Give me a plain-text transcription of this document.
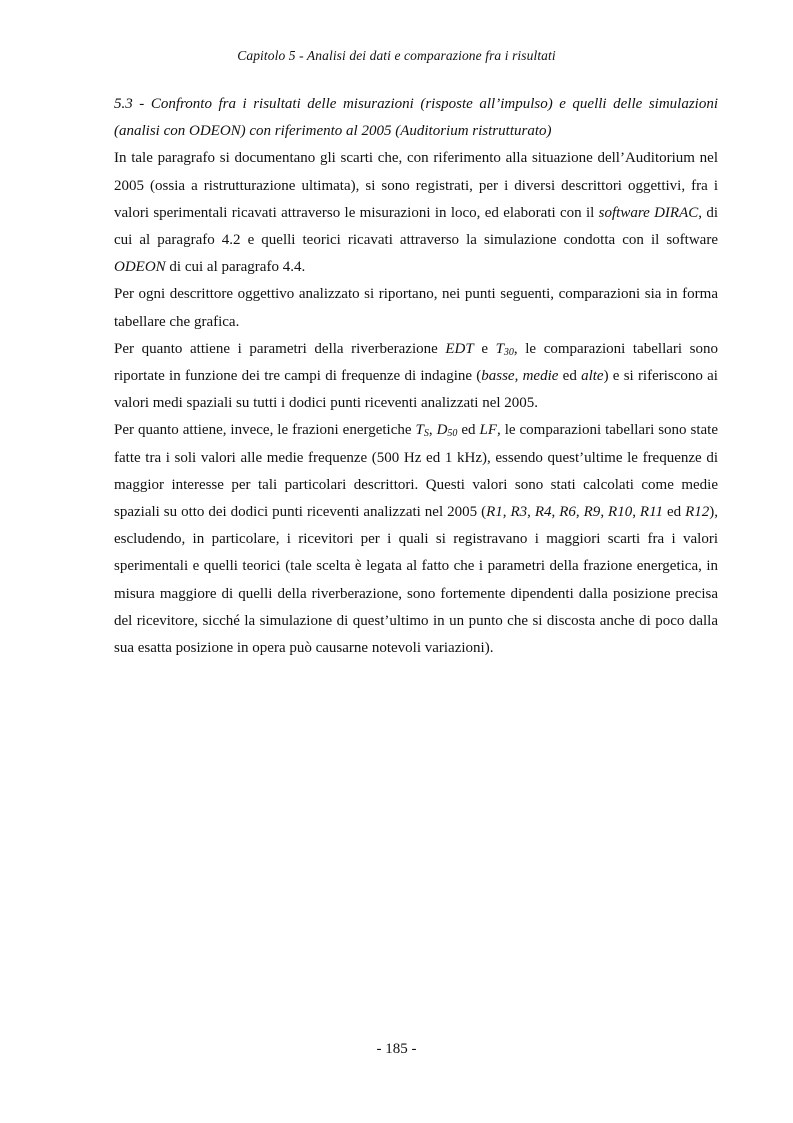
Capitolo 5 - Analisi dei dati e comparazione fra i risultati

5.3 - Confronto fra i risultati delle misurazioni (risposte all’impulso) e quelli delle simulazioni (analisi con ODEON) con riferimento al 2005 (Auditorium ristrutturato)

In tale paragrafo si documentano gli scarti che, con riferimento alla situazione dell’Auditorium nel 2005 (ossia a ristrutturazione ultimata), si sono registrati, per i diversi descrittori oggettivi, fra i valori sperimentali ricavati attraverso le misurazioni in loco, ed elaborati con il software DIRAC, di cui al paragrafo 4.2 e quelli teorici ricavati attraverso la simulazione condotta con il software ODEON di cui al paragrafo 4.4.

Per ogni descrittore oggettivo analizzato si riportano, nei punti seguenti, comparazioni sia in forma tabellare che grafica.

Per quanto attiene i parametri della riverberazione EDT e $T_{30}$, le comparazioni tabellari sono riportate in funzione dei tre campi di frequenze di indagine (basse, medie ed alte) e si riferiscono ai valori medi spaziali su tutti i dodici punti riceventi analizzati nel 2005.

Per quanto attiene, invece, le frazioni energetiche $T_S$, $D_{50}$ ed LF, le comparazioni tabellari sono state fatte tra i soli valori alle medie frequenze (500 Hz ed 1 kHz), essendo quest’ultime le frequenze di maggior interesse per tali particolari descrittori. Questi valori sono stati calcolati come medie spaziali su otto dei dodici punti riceventi analizzati nel 2005 (R1, R3, R4, R6, R9, R10, R11 ed R12), escludendo, in particolare, i ricevitori per i quali si registravano i maggiori scarti fra i valori sperimentali e quelli teorici (tale scelta è legata al fatto che i parametri della frazione energetica, in misura maggiore di quelli della riverberazione, sono fortemente dipendenti dalla posizione precisa del ricevitore, sicché la simulazione di quest’ultimo in un punto che si discosta anche di poco dalla sua esatta posizione in opera può causarne notevoli variazioni).

- 185 -
